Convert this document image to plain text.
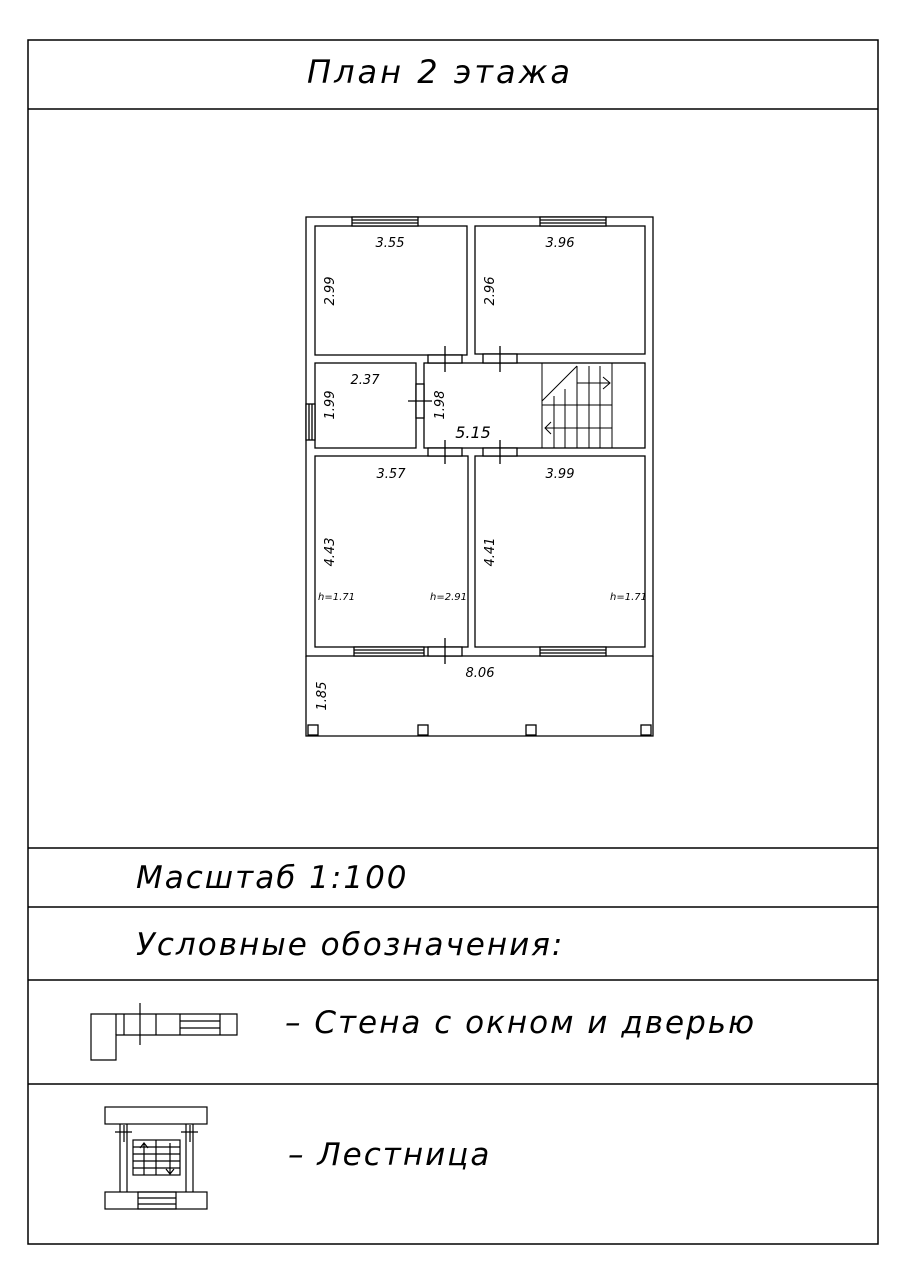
План 2 этажа
3.55
2.99
3.96
2.96
2.37
1.99
5.15
1.98
3.57
4.43
3.99
4.41
8.06
1.85
h=1.71	h=2.91	h=1.71
Масштаб 1:100
Условные обозначения:
– Стена с окном и дверью
– Лестница
